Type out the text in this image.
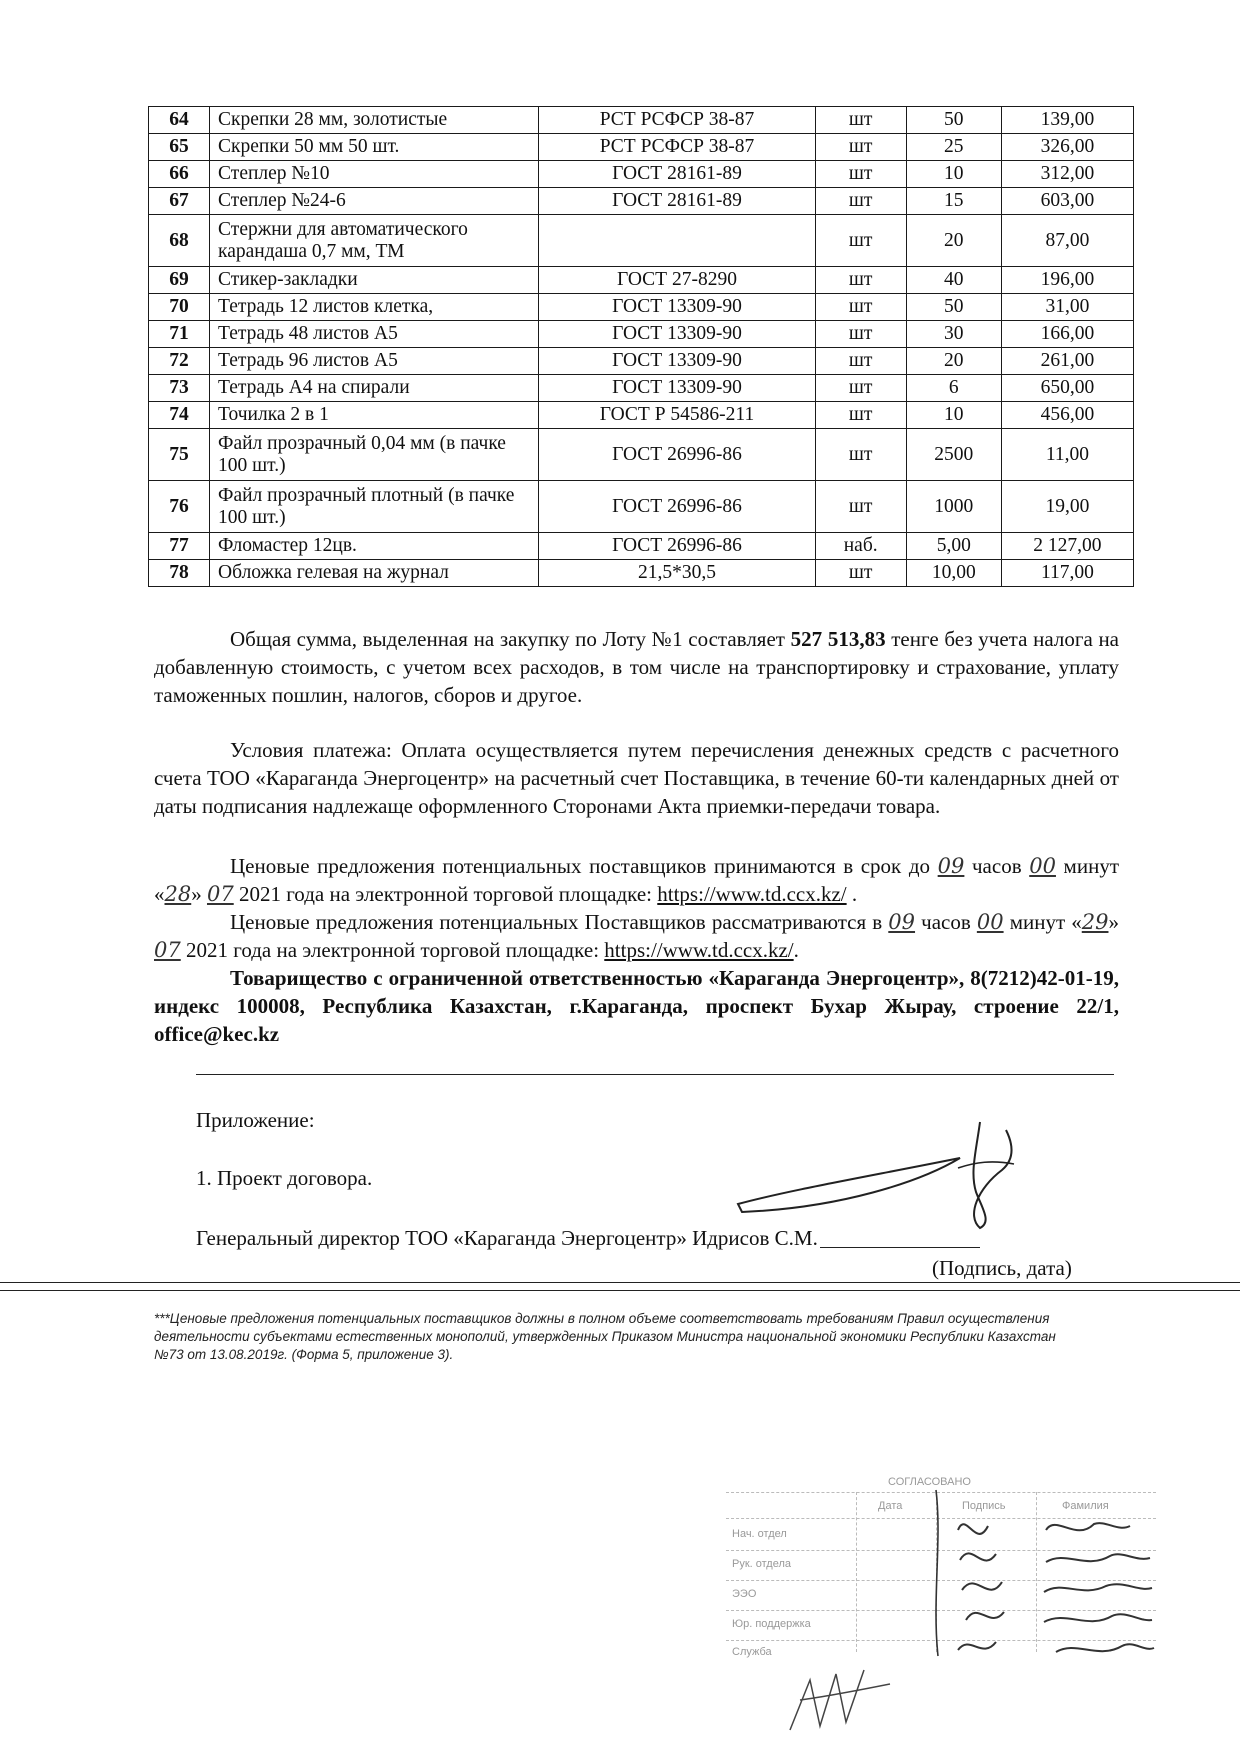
64	Скрепки 28 мм, золотистые	РСТ РСФСР 38-87	шт	50	139,00
65	Скрепки 50 мм 50 шт.	РСТ РСФСР 38-87	шт	25	326,00
66	Степлер №10	ГОСТ 28161-89	шт	10	312,00
67	Степлер №24-6	ГОСТ 28161-89	шт	15	603,00
68	Стержни для автоматического карандаша 0,7 мм, ТМ		шт	20	87,00
69	Стикер-закладки	ГОСТ 27-8290	шт	40	196,00
70	Тетрадь 12 листов клетка,	ГОСТ 13309-90	шт	50	31,00
71	Тетрадь 48 листов А5	ГОСТ 13309-90	шт	30	166,00
72	Тетрадь 96 листов А5	ГОСТ 13309-90	шт	20	261,00
73	Тетрадь А4 на спирали	ГОСТ 13309-90	шт	6	650,00
74	Точилка 2 в 1	ГОСТ Р 54586-211	шт	10	456,00
75	Файл прозрачный 0,04 мм (в пачке 100 шт.)	ГОСТ 26996-86	шт	2500	11,00
76	Файл прозрачный плотный (в пачке 100 шт.)	ГОСТ 26996-86	шт	1000	19,00
77	Фломастер 12цв.	ГОСТ 26996-86	наб.	5,00	2 127,00
78	Обложка гелевая на журнал	21,5*30,5	шт	10,00	117,00

Общая сумма, выделенная на закупку по Лоту №1 составляет 527 513,83 тенге без учета налога на добавленную стоимость, с учетом всех расходов, в том числе на транспортировку и страхование, уплату таможенных пошлин, налогов, сборов и другое.

Условия платежа: Оплата осуществляется путем перечисления денежных средств с расчетного счета ТОО «Караганда Энергоцентр» на расчетный счет Поставщика, в течение 60-ти календарных дней от даты подписания надлежаще оформленного Сторонами Акта приемки-передачи товара.

Ценовые предложения потенциальных поставщиков принимаются в срок до 09 часов 00 минут «28» 07 2021 года на электронной торговой площадке: https://www.td.ccx.kz/ .

Ценовые предложения потенциальных Поставщиков рассматриваются в 09 часов 00 минут «29» 07 2021 года на электронной торговой площадке: https://www.td.ccx.kz/.

Товарищество с ограниченной ответственностью «Караганда Энергоцентр», 8(7212)42-01-19, индекс 100008, Республика Казахстан, г.Караганда, проспект Бухар Жырау, строение 22/1, office@kec.kz

Приложение:
1. Проект договора.
Генеральный директор ТОО «Караганда Энергоцентр» Идрисов С.М.
(Подпись, дата)

***Ценовые предложения потенциальных поставщиков должны в полном объеме соответствовать требованиям Правил осуществления деятельности субъектами естественных монополий, утвержденных Приказом Министра национальной экономики Республики Казахстан №73 от 13.08.2019г. (Форма 5, приложение 3).

СОГЛАСОВАНО
Дата	Подпись	Фамилия
Нач. отдел
Рук. отдела
ЭЭО
Юр. поддержка
Служба
